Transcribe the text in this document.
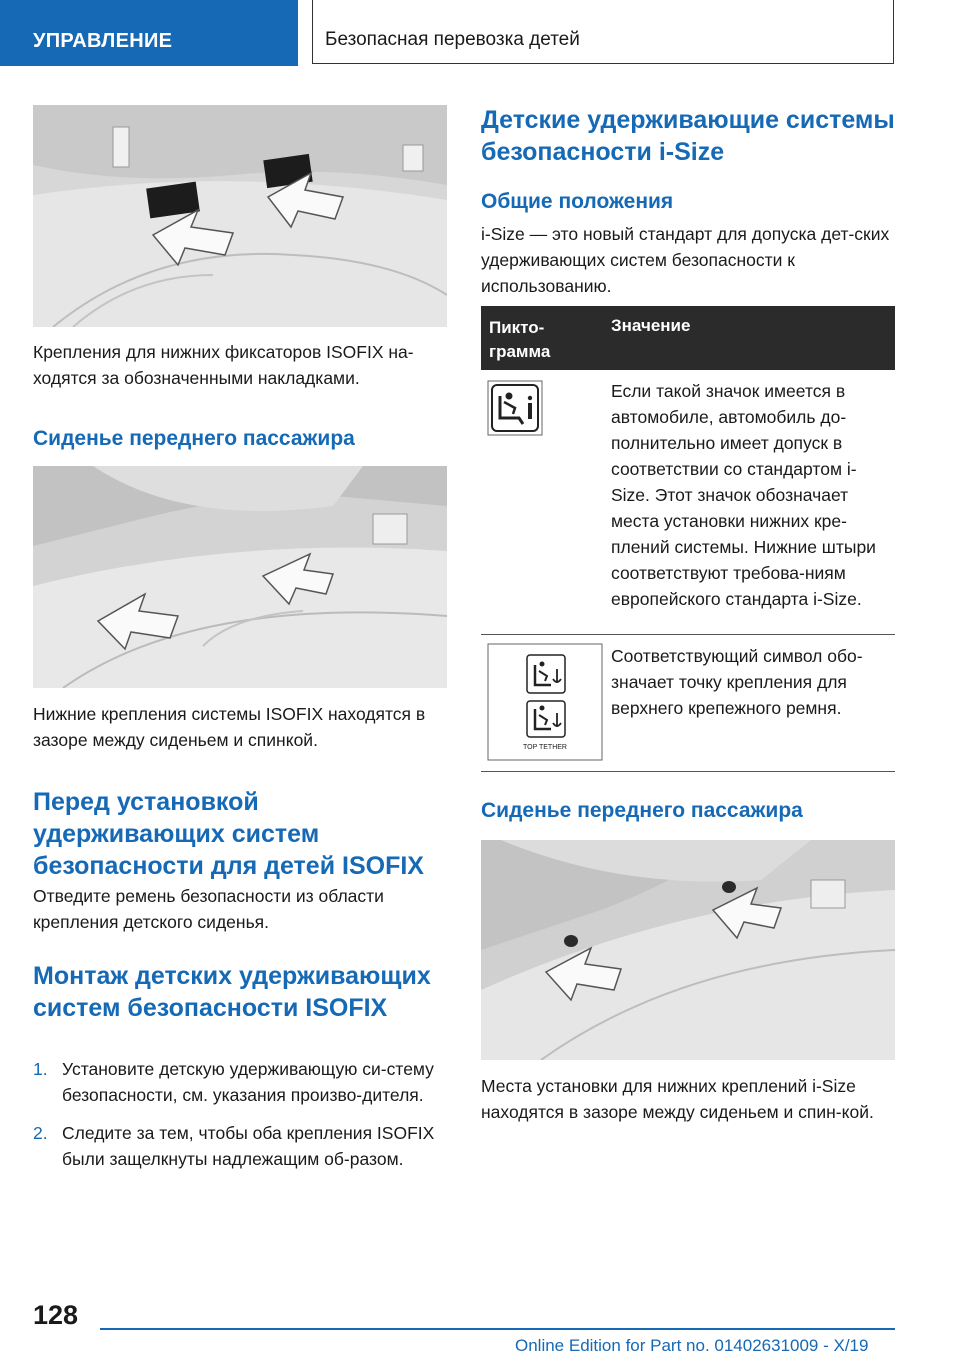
УПРАВЛЕНИЕ	Безопасная перевозка детей
Крепления для нижних фиксаторов ISOFIX на-ходятся за обозначенными накладками.
Сиденье переднего пассажира
Нижние крепления системы ISOFIX находятся в зазоре между сиденьем и спинкой.
Перед установкой удерживающих систем безопасности для детей ISOFIX
Отведите ремень безопасности из области крепления детского сиденья.
Монтаж детских удерживающих систем безопасности ISOFIX
1. Установите детскую удерживающую си-стему безопасности, см. указания произво-дителя.
2. Следите за тем, чтобы оба крепления ISOFIX были защелкнуты надлежащим об-разом.
Детские удерживающие системы безопасности i-Size
Общие положения
i-Size — это новый стандарт для допуска дет-ских удерживающих систем безопасности к использованию.
Пикто-грамма
Значение
Если такой значок имеется в автомобиле, автомобиль до-полнительно имеет допуск в соответствии со стандартом i-Size. Этот значок обозначает места установки нижних кре-плений системы. Нижние штыри соответствуют требова-ниям европейского стандарта i-Size.
TOP TETHER
Соответствующий символ обо-значает точку крепления для верхнего крепежного ремня.
Сиденье переднего пассажира
Места установки для нижних креплений i-Size находятся в зазоре между сиденьем и спин-кой.
128
Online Edition for Part no. 01402631009 - X/19
